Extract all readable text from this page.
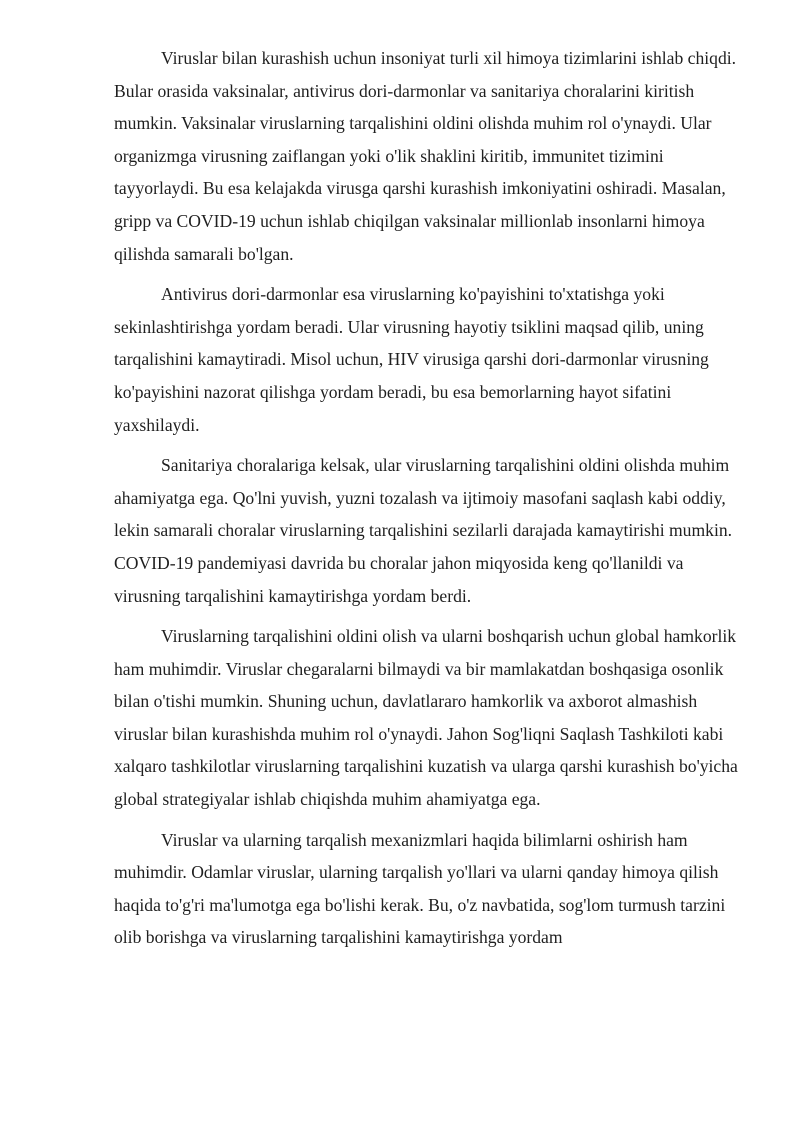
Viruslar bilan kurashish uchun insoniyat turli xil himoya tizimlarini ishlab chiqdi. Bular orasida vaksinalar, antivirus dori-darmonlar va sanitariya choralarini kiritish mumkin. Vaksinalar viruslarning tarqalishini oldini olishda muhim rol o'ynaydi. Ular organizmga virusning zaiflangan yoki o'lik shaklini kiritib, immunitet tizimini tayyorlaydi. Bu esa kelajakda virusga qarshi kurashish imkoniyatini oshiradi. Masalan, gripp va COVID-19 uchun ishlab chiqilgan vaksinalar millionlab insonlarni himoya qilishda samarali bo'lgan.

Antivirus dori-darmonlar esa viruslarning ko'payishini to'xtatishga yoki sekinlashtirishga yordam beradi. Ular virusning hayotiy tsiklini maqsad qilib, uning tarqalishini kamaytiradi. Misol uchun, HIV virusiga qarshi dori-darmonlar virusning ko'payishini nazorat qilishga yordam beradi, bu esa bemorlarning hayot sifatini yaxshilaydi.

Sanitariya choralariga kelsak, ular viruslarning tarqalishini oldini olishda muhim ahamiyatga ega. Qo'lni yuvish, yuzni tozalash va ijtimoiy masofani saqlash kabi oddiy, lekin samarali choralar viruslarning tarqalishini sezilarli darajada kamaytirishi mumkin. COVID-19 pandemiyasi davrida bu choralar jahon miqyosida keng qo'llanildi va virusning tarqalishini kamaytirishga yordam berdi.

Viruslarning tarqalishini oldini olish va ularni boshqarish uchun global hamkorlik ham muhimdir. Viruslar chegaralarni bilmaydi va bir mamlakatdan boshqasiga osonlik bilan o'tishi mumkin. Shuning uchun, davlatlararo hamkorlik va axborot almashish viruslar bilan kurashishda muhim rol o'ynaydi. Jahon Sog'liqni Saqlash Tashkiloti kabi xalqaro tashkilotlar viruslarning tarqalishini kuzatish va ularga qarshi kurashish bo'yicha global strategiyalar ishlab chiqishda muhim ahamiyatga ega.

Viruslar va ularning tarqalish mexanizmlari haqida bilimlarni oshirish ham muhimdir. Odamlar viruslar, ularning tarqalish yo'llari va ularni qanday himoya qilish haqida to'g'ri ma'lumotga ega bo'lishi kerak. Bu, o'z navbatida, sog'lom turmush tarzini olib borishga va viruslarning tarqalishini kamaytirishga yordam
